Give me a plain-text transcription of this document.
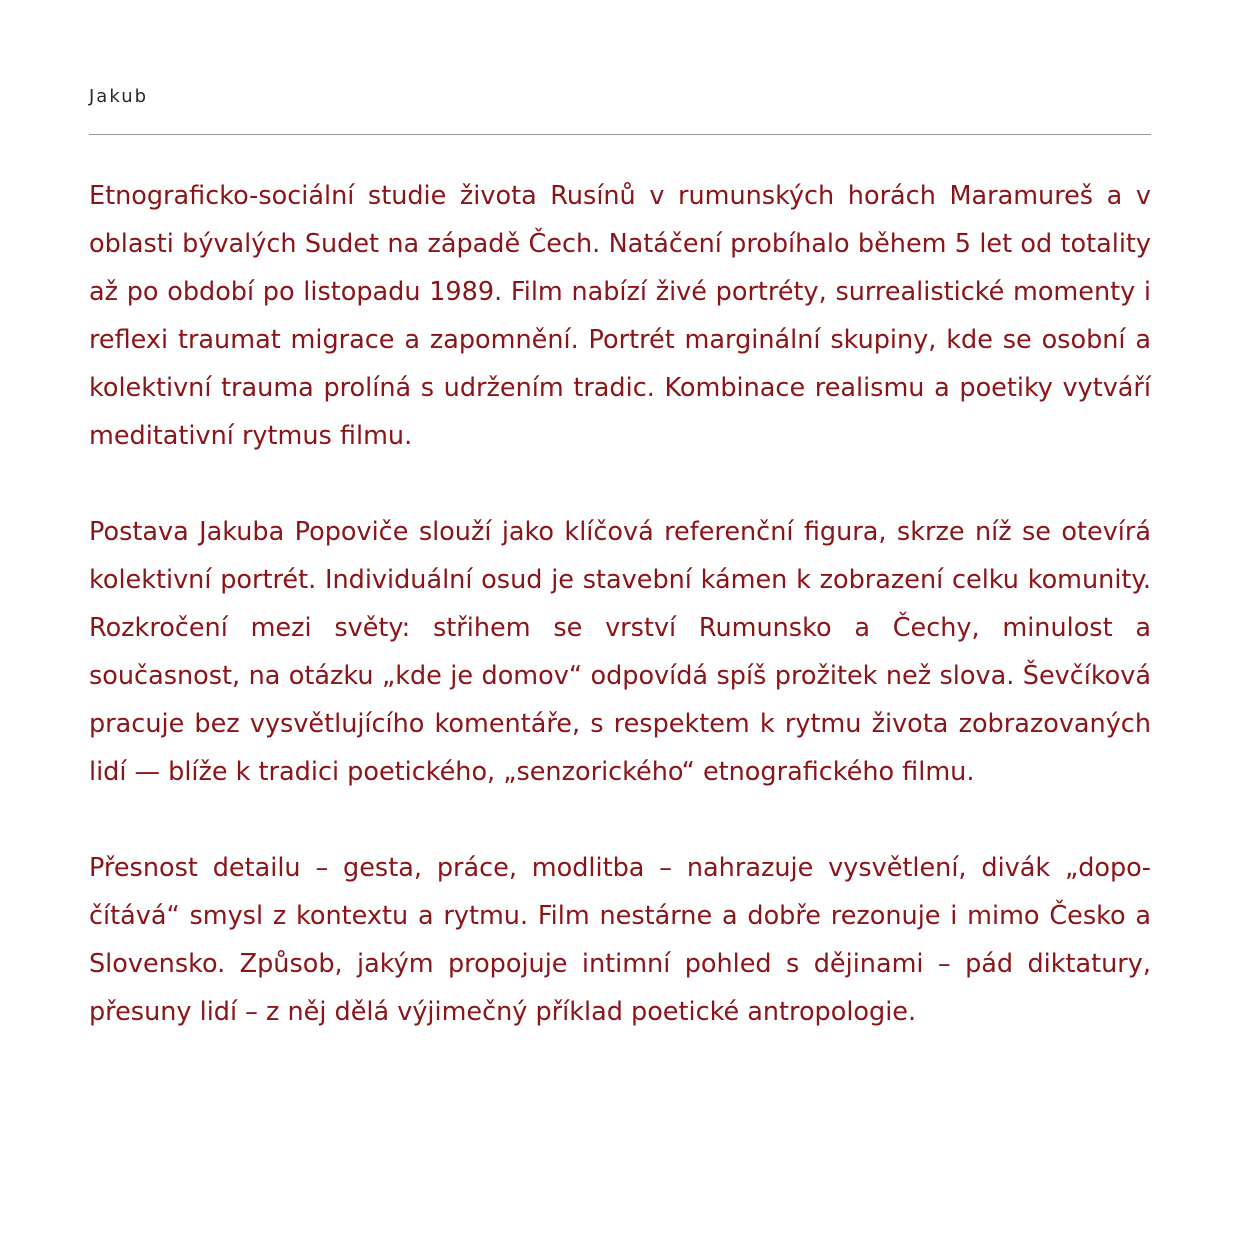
Jakub

Etnograficko-sociální studie života Rusínů v rumunských horách Maramureš a v oblasti bývalých Sudet na západě Čech. Natáčení probíhalo během 5 let od totality až po období po listopadu 1989. Film nabízí živé portréty, surrealistické momenty i reflexi traumat migrace a zapomnění. Portrét marginální skupiny, kde se osobní a kolektivní trauma prolíná s udržením tradic. Kombinace realismu a poetiky vytváří meditativní rytmus filmu.

Postava Jakuba Popoviče slouží jako klíčová referenční figura, skrze níž se otevírá kolektivní portrét. Individuální osud je stavební kámen k zobrazení celku komunity. Rozkročení mezi světy: střihem se vrství Rumunsko a Čechy, minulost a současnost, na otázku „kde je domov“ odpovídá spíš prožitek než slova. Ševčíková pracuje bez vysvětlujícího komentáře, s respektem k rytmu života zobrazovaných lidí — blíže k tradici poetického, „senzorického“ etnografického filmu.

Přesnost detailu – gesta, práce, modlitba – nahrazuje vysvětlení, divák „dopočítává“ smysl z kontextu a rytmu. Film nestárne a dobře rezonuje i mimo Česko a Slovensko. Způsob, jakým propojuje intimní pohled s dějinami – pád diktatury, přesuny lidí – z něj dělá výjimečný příklad poetické antropologie.
